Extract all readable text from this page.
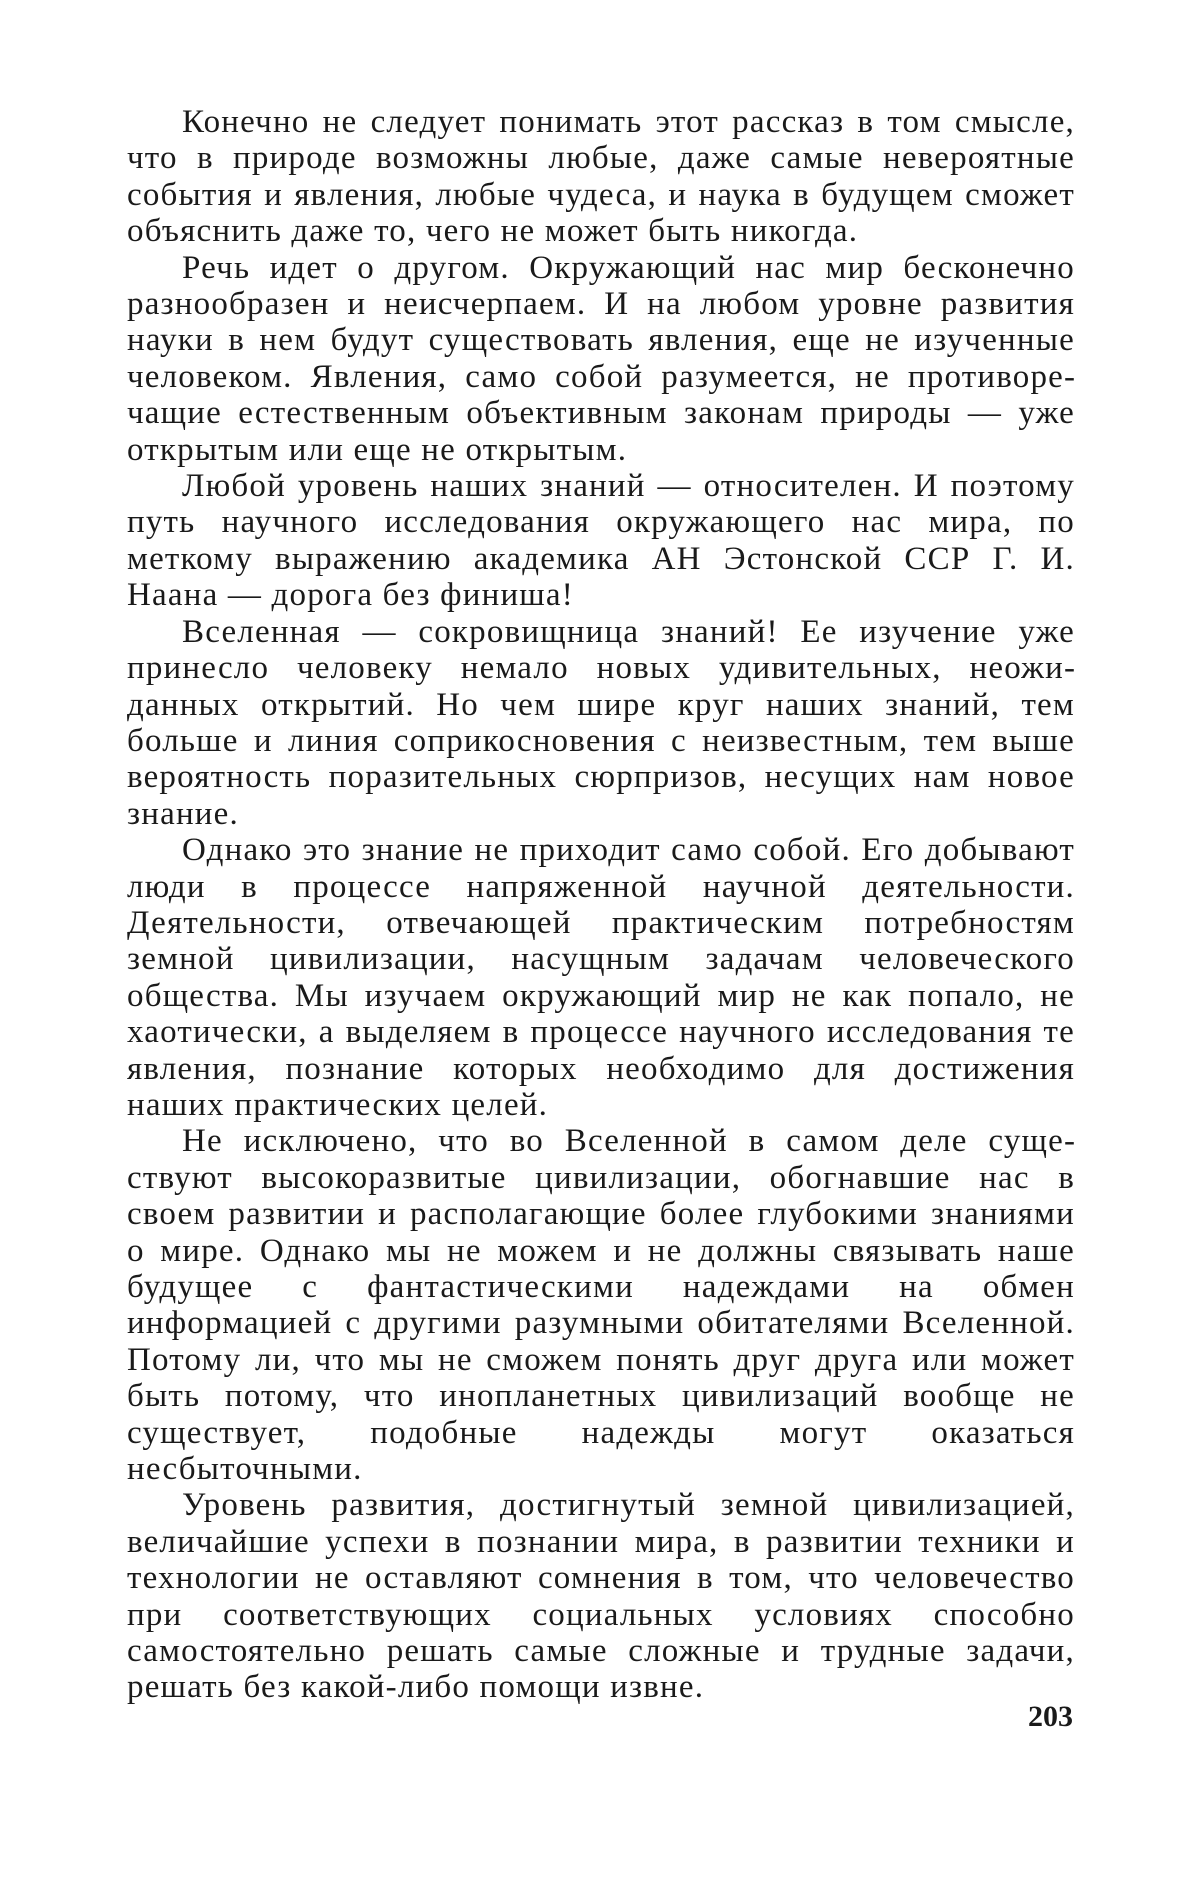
Конечно не следует понимать этот рассказ в том смысле, что в природе возможны любые, даже самые невероятные события и явления, любые чудеса, и наука в будущем сможет объяснить даже то, чего не может быть никогда.

Речь идет о другом. Окружающий нас мир бесконечно разнообразен и неисчерпаем. И на любом уровне развития науки в нем будут существовать явления, еще не изученные человеком. Явления, само собой разумеется, не противоречащие естественным объективным законам природы — уже открытым или еще не открытым.

Любой уровень наших знаний — относителен. И поэтому путь научного исследования окружающего нас мира, по меткому выражению академика АН Эстонской ССР Г. И. Наана — дорога без финиша!

Вселенная — сокровищница знаний! Ее изучение уже принесло человеку немало новых удивительных, неожиданных открытий. Но чем шире круг наших знаний, тем больше и линия соприкосновения с неизвестным, тем выше вероятность поразительных сюрпризов, несущих нам новое знание.

Однако это знание не приходит само собой. Его добывают люди в процессе напряженной научной деятельности. Деятельности, отвечающей практическим потребностям земной цивилизации, насущным задачам человеческого общества. Мы изучаем окружающий мир не как попало, не хаотически, а выделяем в процессе научного исследования те явления, познание которых необходимо для достижения наших практических целей.

Не исключено, что во Вселенной в самом деле существуют высокоразвитые цивилизации, обогнавшие нас в своем развитии и располагающие более глубокими знаниями о мире. Однако мы не можем и не должны связывать наше будущее с фантастическими надеждами на обмен информацией с другими разумными обитателями Вселенной. Потому ли, что мы не сможем понять друг друга или может быть потому, что инопланетных цивилизаций вообще не существует, подобные надежды могут оказаться несбыточными.

Уровень развития, достигнутый земной цивилизацией, величайшие успехи в познании мира, в развитии техники и технологии не оставляют сомнения в том, что человечество при соответствующих социальных условиях способно самостоятельно решать самые сложные и трудные задачи, решать без какой-либо помощи извне.

203
